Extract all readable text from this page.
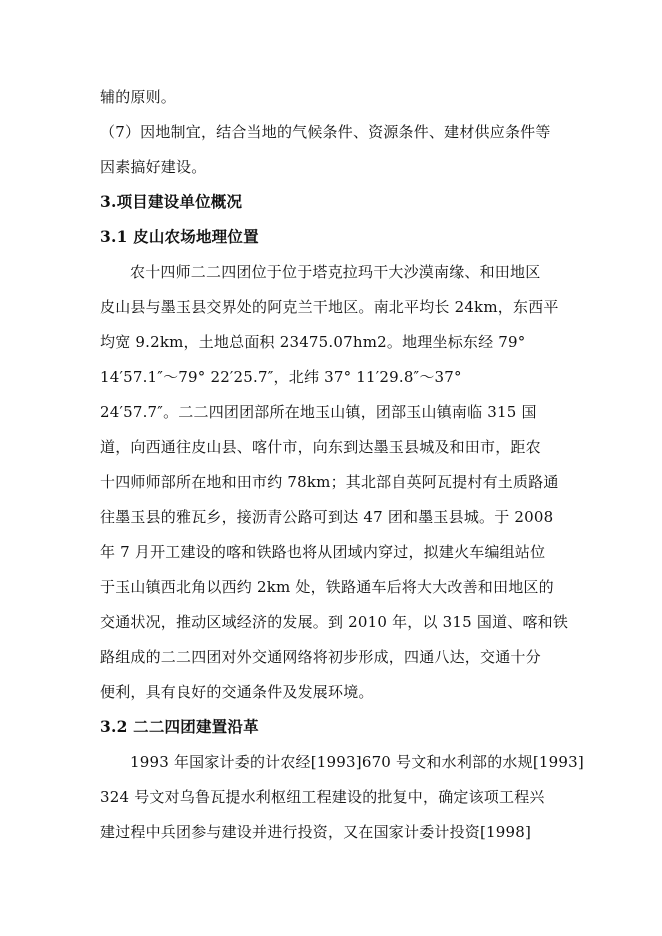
辅的原则。
（7）因地制宜，结合当地的气候条件、资源条件、建材供应条件等
因素搞好建设。
3.项目建设单位概况
3.1 皮山农场地理位置
农十四师二二四团位于位于塔克拉玛干大沙漠南缘、和田地区
皮山县与墨玉县交界处的阿克兰干地区。南北平均长 24km，东西平
均宽 9.2km，土地总面积 23475.07hm2。地理坐标东经 79°
14′57.1″～79° 22′25.7″，北纬 37° 11′29.8″～37°
24′57.7″。二二四团团部所在地玉山镇，团部玉山镇南临 315 国
道，向西通往皮山县、喀什市，向东到达墨玉县城及和田市，距农
十四师师部所在地和田市约 78km；其北部自英阿瓦提村有土质路通
往墨玉县的雅瓦乡，接沥青公路可到达 47 团和墨玉县城。于 2008
年 7 月开工建设的喀和铁路也将从团域内穿过，拟建火车编组站位
于玉山镇西北角以西约 2km 处，铁路通车后将大大改善和田地区的
交通状况，推动区域经济的发展。到 2010 年，以 315 国道、喀和铁
路组成的二二四团对外交通网络将初步形成，四通八达，交通十分
便利，具有良好的交通条件及发展环境。
3.2 二二四团建置沿革
1993 年国家计委的计农经[1993]670 号文和水利部的水规[1993]
324 号文对乌鲁瓦提水利枢纽工程建设的批复中，确定该项工程兴
建过程中兵团参与建设并进行投资，又在国家计委计投资[1998]
